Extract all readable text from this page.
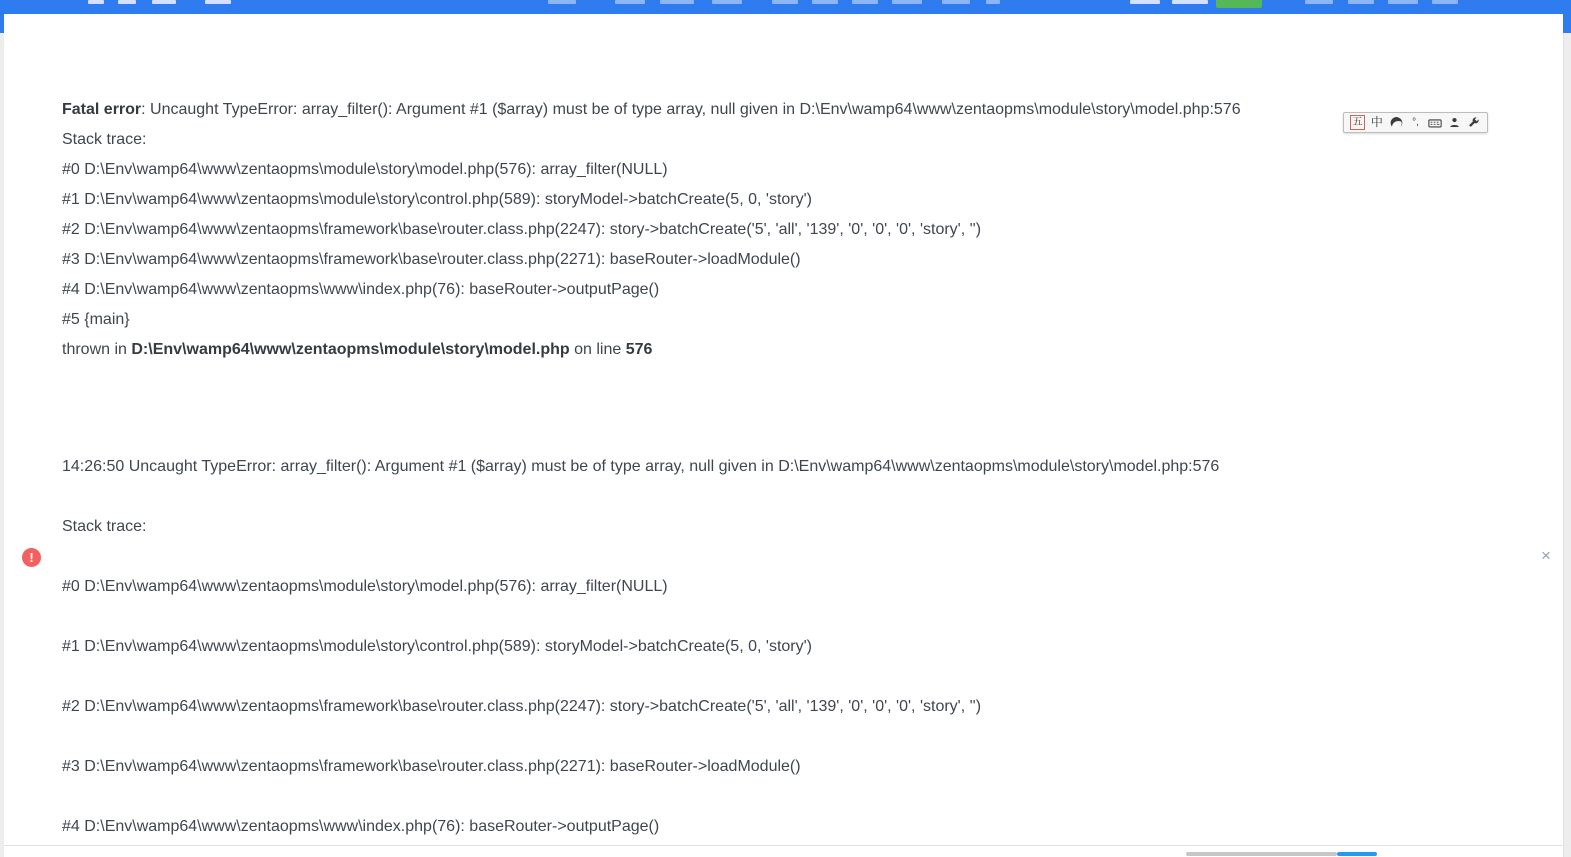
Fatal error: Uncaught TypeError: array_filter(): Argument #1 ($array) must be of type array, null given in D:\Env\wamp64\www\zentaopms\module\story\model.php:576
Stack trace:
#0 D:\Env\wamp64\www\zentaopms\module\story\model.php(576): array_filter(NULL)
#1 D:\Env\wamp64\www\zentaopms\module\story\control.php(589): storyModel->batchCreate(5, 0, 'story')
#2 D:\Env\wamp64\www\zentaopms\framework\base\router.class.php(2247): story->batchCreate('5', 'all', '139', '0', '0', '0', 'story', '')
#3 D:\Env\wamp64\www\zentaopms\framework\base\router.class.php(2271): baseRouter->loadModule()
#4 D:\Env\wamp64\www\zentaopms\www\index.php(76): baseRouter->outputPage()
#5 {main}
thrown in D:\Env\wamp64\www\zentaopms\module\story\model.php on line 576
五 中	°,
14:26:50 Uncaught TypeError: array_filter(): Argument #1 ($array) must be of type array, null given in D:\Env\wamp64\www\zentaopms\module\story\model.php:576
Stack trace:
#0 D:\Env\wamp64\www\zentaopms\module\story\model.php(576): array_filter(NULL)
#1 D:\Env\wamp64\www\zentaopms\module\story\control.php(589): storyModel->batchCreate(5, 0, 'story')
#2 D:\Env\wamp64\www\zentaopms\framework\base\router.class.php(2247): story->batchCreate('5', 'all', '139', '0', '0', '0', 'story', '')
#3 D:\Env\wamp64\www\zentaopms\framework\base\router.class.php(2271): baseRouter->loadModule()
#4 D:\Env\wamp64\www\zentaopms\www\index.php(76): baseRouter->outputPage()
!	×
